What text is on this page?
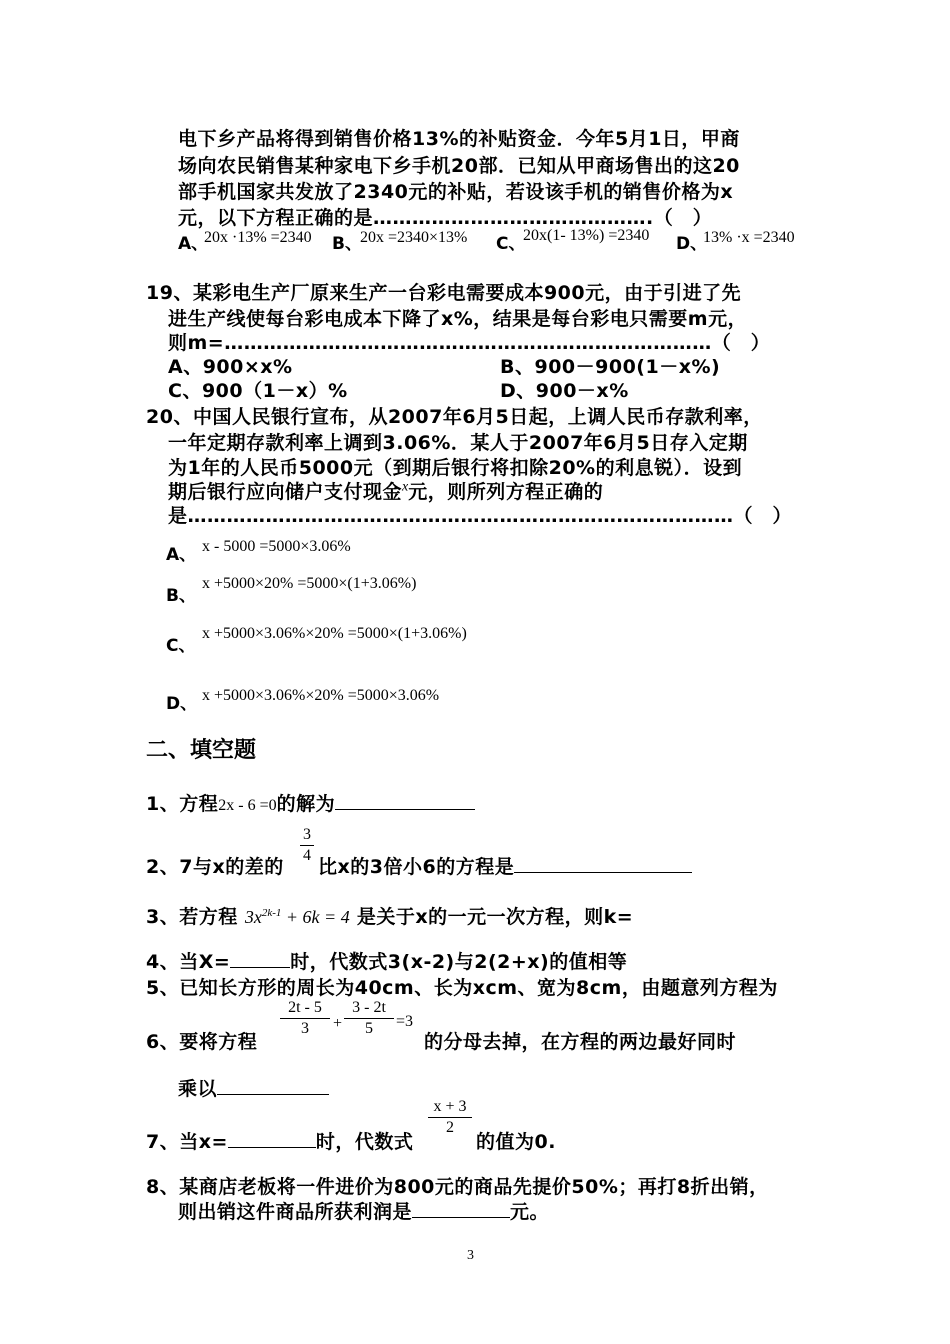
电下乡产品将得到销售价格13%的补贴资金．今年5月1日，甲商
场向农民销售某种家电下乡手机20部．已知从甲商场售出的这20
部手机国家共发放了2340元的补贴，若设该手机的销售价格为x
元，以下方程正确的是…………………………………….（　）
A、
20x ·13% =2340 B、
20x =2340×13% C、
20x(1- 13%) =2340 D、
13% ·x =2340
19、某彩电生产厂原来生产一台彩电需要成本900元，由于引进了先
进生产线使每台彩电成本下降了x%，结果是每台彩电只需要m元，
则m=…………………………………………………………………（　）
A、900×x%	B、900－900(1－x%)
C、900（1－x）%	D、900－x%
20、中国人民银行宣布，从2007年6月5日起，上调人民币存款利率，
一年定期存款利率上调到3.06%．某人于2007年6月5日存入定期
为1年的人民币5000元（到期后银行将扣除20%的利息锐）．设到
期后银行应向储户支付现金$^x$元，则所列方程正确的
是…………………………………………………………………………（　）
A、 x - 5000 =5000×3.06%
B、
x +5000×20% =5000×(1+3.06%)
C、
x +5000×3.06%×20% =5000×(1+3.06%)
D、 x +5000×3.06%×20% =5000×3.06%
二、填空题
1、方程2x - 6 =0的解为
2、7与x的差的
3
4
比x的3倍小6的方程是
3、若方程 $3x^{2k-1} + 6k = 4$ 是关于x的一元一次方程，则k=
4、当X=	时，代数式3(x-2)与2(2+x)的值相等
5、已知长方形的周长为40cm、长为xcm、宽为8cm，由题意列方程为
6、要将方程
2t - 5
3	+
3 - 2t
5	=3
的分母去掉，在方程的两边最好同时
乘以
7、当x=	时，代数式
x + 3
2
的值为0.
8、某商店老板将一件进价为800元的商品先提价50%；再打8折出销，
则出销这件商品所获利润是	元。
3
